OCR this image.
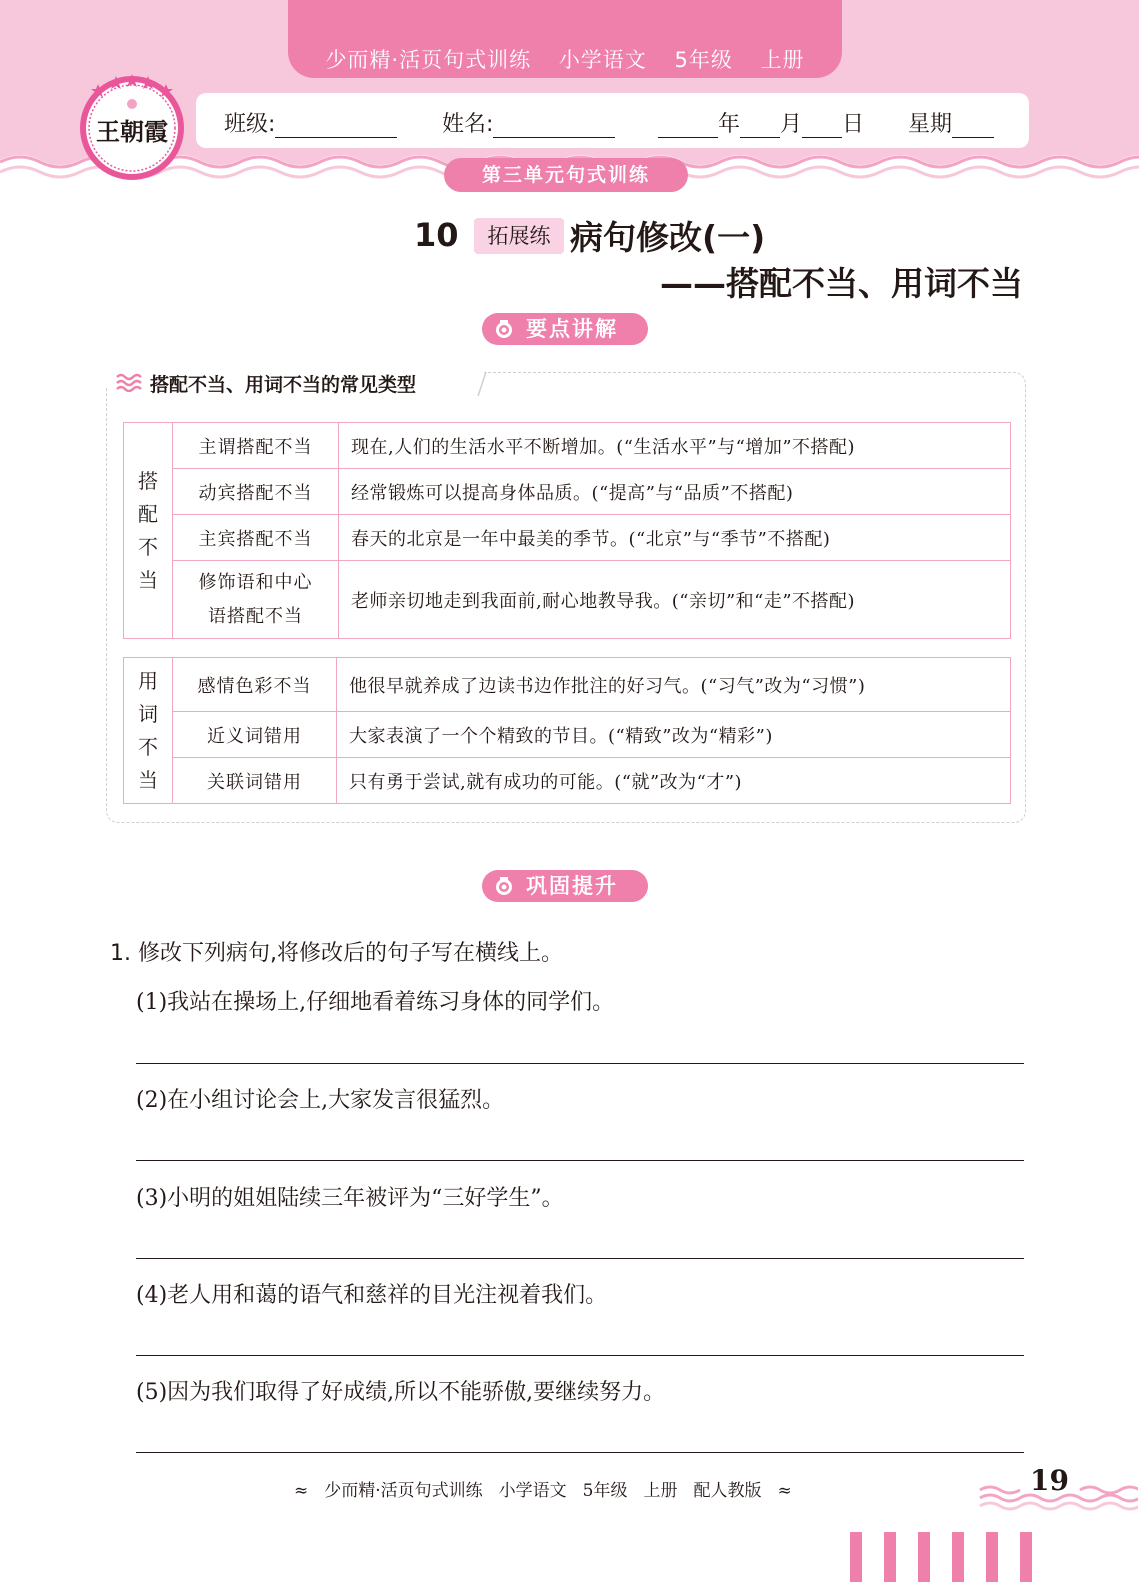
少而精·活页句式训练 小学语文 5年级 上册
王朝霞	班级:	姓名:	年 月 日 星期
第三单元句式训练
10	拓展练 病句修改(一)
——搭配不当、用词不当
要点讲解
搭配不当、用词不当的常见类型
搭
配
不
当	主谓搭配不当	现在,人们的生活水平不断增加。(“生活水平”与“增加”不搭配)
	动宾搭配不当	经常锻炼可以提高身体品质。(“提高”与“品质”不搭配)
	主宾搭配不当	春天的北京是一年中最美的季节。(“北京”与“季节”不搭配)

	修饰语和中心
语搭配不当	老师亲切地走到我面前,耐心地教导我。(“亲切”和“走”不搭配)
用
词
不
当	感情色彩不当	他很早就养成了边读书边作批注的好习气。(“习气”改为“习惯”)
	近义词错用	大家表演了一个个精致的节目。(“精致”改为“精彩”)
	关联词错用	只有勇于尝试,就有成功的可能。(“就”改为“才”)
巩固提升
1. 修改下列病句,将修改后的句子写在横线上。
(1)我站在操场上,仔细地看着练习身体的同学们。
(2)在小组讨论会上,大家发言很猛烈。
(3)小明的姐姐陆续三年被评为“三好学生”。
(4)老人用和蔼的语气和慈祥的目光注视着我们。
(5)因为我们取得了好成绩,所以不能骄傲,要继续努力。
≈ 少而精·活页句式训练 小学语文 5年级 上册 配人教版 ≈	19
